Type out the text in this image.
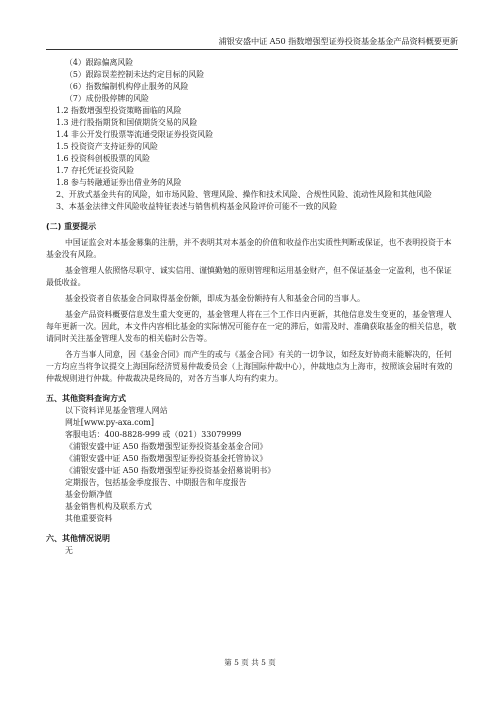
浦银安盛中证 A50 指数增强型证券投资基金基金产品资料概要更新
（4）跟踪偏离风险
（5）跟踪误差控制未达约定目标的风险
（6）指数编制机构停止服务的风险
（7）成份股停牌的风险
1.2 指数增强型投资策略面临的风险
1.3 进行股指期货和国债期货交易的风险
1.4 非公开发行股票等流通受限证券投资风险
1.5 投资资产支持证券的风险
1.6 投资科创板股票的风险
1.7 存托凭证投资风险
1.8 参与转融通证券出借业务的风险
2、开放式基金共有的风险，如市场风险、管理风险、操作和技术风险、合规性风险、流动性风险和其他风险
3、本基金法律文件风险收益特征表述与销售机构基金风险评价可能不一致的风险
(二) 重要提示
中国证监会对本基金募集的注册，并不表明其对本基金的价值和收益作出实质性判断或保证，也不表明投资于本基金没有风险。
基金管理人依照恪尽职守、诚实信用、谨慎勤勉的原则管理和运用基金财产，但不保证基金一定盈利，也不保证最低收益。
基金投资者自依基金合同取得基金份额，即成为基金份额持有人和基金合同的当事人。
基金产品资料概要信息发生重大变更的，基金管理人将在三个工作日内更新，其他信息发生变更的，基金管理人每年更新一次。因此，本文件内容相比基金的实际情况可能存在一定的滞后，如需及时、准确获取基金的相关信息，敬请同时关注基金管理人发布的相关临时公告等。
各方当事人同意，因《基金合同》而产生的或与《基金合同》有关的一切争议，如经友好协商未能解决的，任何一方均应当将争议提交上海国际经济贸易仲裁委员会（上海国际仲裁中心），仲裁地点为上海市，按照该会届时有效的仲裁规则进行仲裁。仲裁裁决是终局的，对各方当事人均有约束力。
五、其他资料查询方式
以下资料详见基金管理人网站
网址[www.py-axa.com]
客服电话：400-8828-999 或（021）33079999
《浦银安盛中证 A50 指数增强型证券投资基金基金合同》
《浦银安盛中证 A50 指数增强型证券投资基金托管协议》
《浦银安盛中证 A50 指数增强型证券投资基金招募说明书》
定期报告，包括基金季度报告、中期报告和年度报告
基金份额净值
基金销售机构及联系方式
其他重要资料
六、其他情况说明
无
第 5 页 共 5 页
